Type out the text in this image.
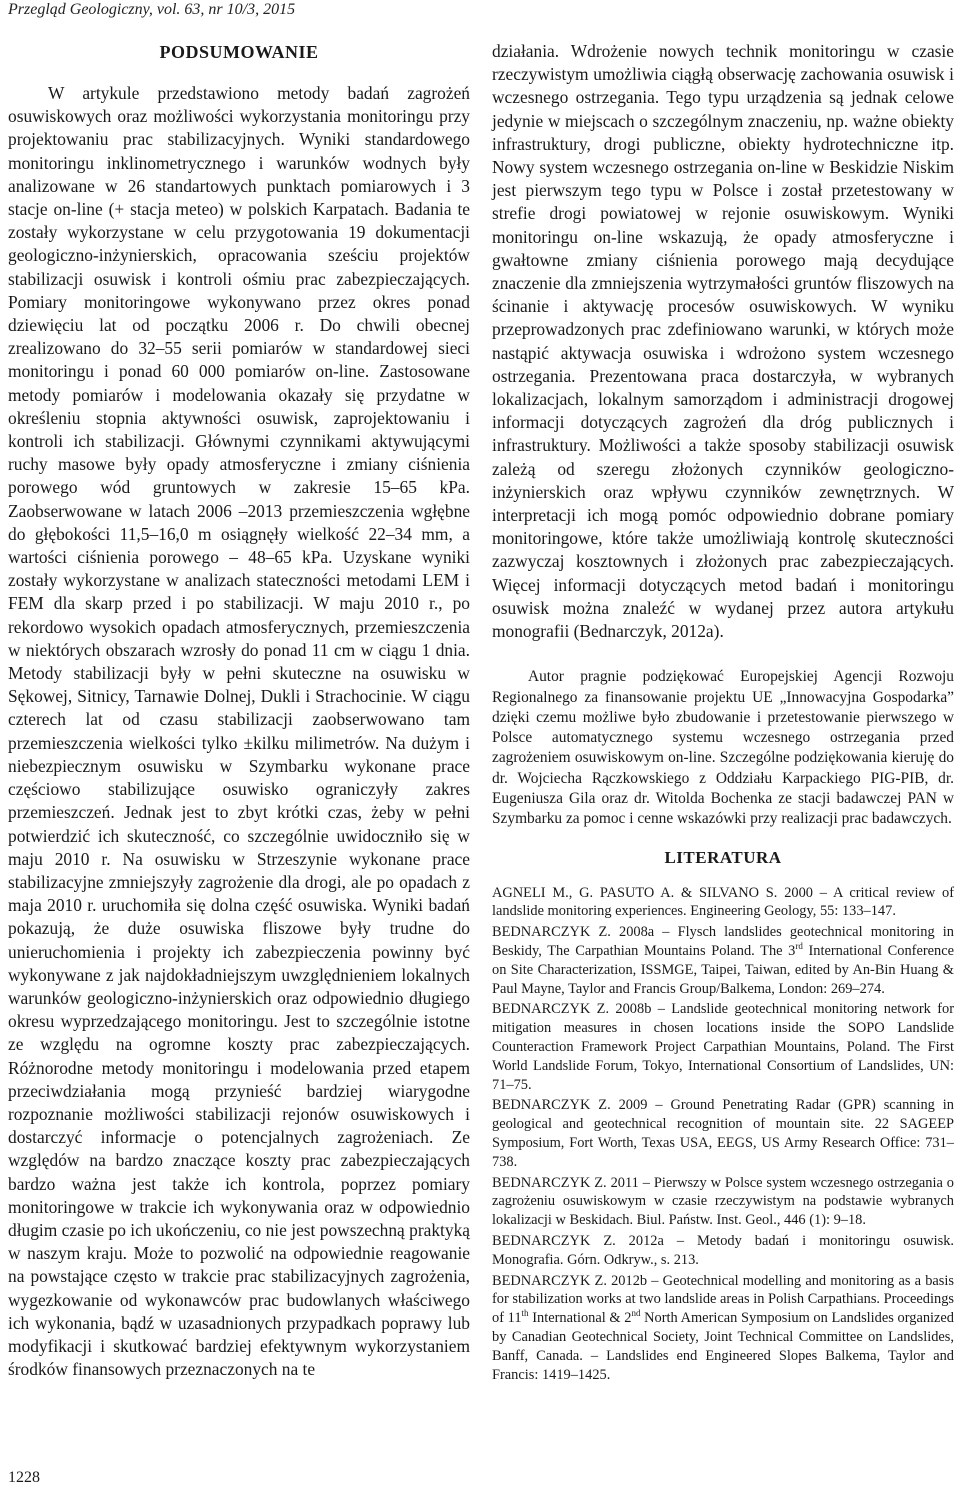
Przegląd Geologiczny, vol. 63, nr 10/3, 2015
PODSUMOWANIE

W artykule przedstawiono metody badań zagrożeń osuwiskowych oraz możliwości wykorzystania monitoringu przy projektowaniu prac stabilizacyjnych. Wyniki standardowego monitoringu inklinometrycznego i warunków wodnych były analizowane w 26 standartowych punktach pomiarowych i 3 stacje on-line (+ stacja meteo) w polskich Karpatach. Badania te zostały wykorzystane w celu przygotowania 19 dokumentacji geologiczno-inżynierskich, opracowania sześciu projektów stabilizacji osuwisk i kontroli ośmiu prac zabezpieczających. Pomiary monitoringowe wykonywano przez okres ponad dziewięciu lat od początku 2006 r. Do chwili obecnej zrealizowano do 32–55 serii pomiarów w standardowej sieci monitoringu i ponad 60 000 pomiarów on-line. Zastosowane metody pomiarów i modelowania okazały się przydatne w określeniu stopnia aktywności osuwisk, zaprojektowaniu i kontroli ich stabilizacji. Głównymi czynnikami aktywującymi ruchy masowe były opady atmosferyczne i zmiany ciśnienia porowego wód gruntowych w zakresie 15–65 kPa. Zaobserwowane w latach 2006 –2013 przemieszczenia wgłębne do głębokości 11,5–16,0 m osiągnęły wielkość 22–34 mm, a wartości ciśnienia porowego – 48–65 kPa. Uzyskane wyniki zostały wykorzystane w analizach stateczności metodami LEM i FEM dla skarp przed i po stabilizacji. W maju 2010 r., po rekordowo wysokich opadach atmosferycznych, przemieszczenia w niektórych obszarach wzrosły do ponad 11 cm w ciągu 1 dnia. Metody stabilizacji były w pełni skuteczne na osuwisku w Sękowej, Sitnicy, Tarnawie Dolnej, Dukli i Strachocinie. W ciągu czterech lat od czasu stabilizacji zaobserwowano tam przemieszczenia wielkości tylko ±kilku milimetrów. Na dużym i niebezpiecznym osuwisku w Szymbarku wykonane prace częściowo stabilizujące osuwisko ograniczyły zakres przemieszczeń. Jednak jest to zbyt krótki czas, żeby w pełni potwierdzić ich skuteczność, co szczególnie uwidoczniło się w maju 2010 r. Na osuwisku w Strzeszynie wykonane prace stabilizacyjne zmniejszyły zagrożenie dla drogi, ale po opadach z maja 2010 r. uruchomiła się dolna część osuwiska. Wyniki badań pokazują, że duże osuwiska fliszowe były trudne do unieruchomienia i projekty ich zabezpieczenia powinny być wykonywane z jak najdokładniejszym uwzględnieniem lokalnych warunków geologiczno-inżynierskich oraz odpowiednio długiego okresu wyprzedzającego monitoringu. Jest to szczególnie istotne ze względu na ogromne koszty prac zabezpieczających. Różnorodne metody monitoringu i modelowania przed etapem przeciwdziałania mogą przynieść bardziej wiarygodne rozpoznanie możliwości stabilizacji rejonów osuwiskowych i dostarczyć informacje o potencjalnych zagrożeniach. Ze względów na bardzo znaczące koszty prac zabezpieczających bardzo ważna jest także ich kontrola, poprzez pomiary monitoringowe w trakcie ich wykonywania oraz w odpowiednio długim czasie po ich ukończeniu, co nie jest powszechną praktyką w naszym kraju. Może to pozwolić na odpowiednie reagowanie na powstające często w trakcie prac stabilizacyjnych zagrożenia, wygezkowanie od wykonawców prac budowlanych właściwego ich wykonania, bądź w uzasadnionych przypadkach poprawy lub modyfikacji i skutkować bardziej efektywnym wykorzystaniem środków finansowych przeznaczonych na te

działania. Wdrożenie nowych technik monitoringu w czasie rzeczywistym umożliwia ciągłą obserwację zachowania osuwisk i wczesnego ostrzegania. Tego typu urządzenia są jednak celowe jedynie w miejscach o szczególnym znaczeniu, np. ważne obiekty infrastruktury, drogi publiczne, obiekty hydrotechniczne itp. Nowy system wczesnego ostrzegania on-line w Beskidzie Niskim jest pierwszym tego typu w Polsce i został przetestowany w strefie drogi powiatowej w rejonie osuwiskowym. Wyniki monitoringu on-line wskazują, że opady atmosferyczne i gwałtowne zmiany ciśnienia porowego mają decydujące znaczenie dla zmniejszenia wytrzymałości gruntów fliszowych na ścinanie i aktywację procesów osuwiskowych. W wyniku przeprowadzonych prac zdefiniowano warunki, w których może nastąpić aktywacja osuwiska i wdrożono system wczesnego ostrzegania. Prezentowana praca dostarczyła, w wybranych lokalizacjach, lokalnym samorządom i administracji drogowej informacji dotyczących zagrożeń dla dróg publicznych i infrastruktury. Możliwości a także sposoby stabilizacji osuwisk zależą od szeregu złożonych czynników geologiczno-inżynierskich oraz wpływu czynników zewnętrznych. W interpretacji ich mogą pomóc odpowiednio dobrane pomiary monitoringowe, które także umożliwiają kontrolę skuteczności zazwyczaj kosztownych i złożonych prac zabezpieczających. Więcej informacji dotyczących metod badań i monitoringu osuwisk można znaleźć w wydanej przez autora artykułu monografii (Bednarczyk, 2012a).

Autor pragnie podziękować Europejskiej Agencji Rozwoju Regionalnego za finansowanie projektu UE „Innowacyjna Gospodarka” dzięki czemu możliwe było zbudowanie i przetestowanie pierwszego w Polsce automatycznego systemu wczesnego ostrzegania przed zagrożeniem osuwiskowym on-line. Szczególne podziękowania kieruję do dr. Wojciecha Rączkowskiego z Oddziału Karpackiego PIG-PIB, dr. Eugeniusza Gila oraz dr. Witolda Bochenka ze stacji badawczej PAN w Szymbarku za pomoc i cenne wskazówki przy realizacji prac badawczych.

LITERATURA

AGNELI M., G. PASUTO A. & SILVANO S. 2000 – A critical review of landslide monitoring experiences. Engineering Geology, 55: 133–147.

BEDNARCZYK Z. 2008a – Flysch landslides geotechnical monitoring in Beskidy, The Carpathian Mountains Poland. The 3rd International Conference on Site Characterization, ISSMGE, Taipei, Taiwan, edited by An-Bin Huang & Paul Mayne, Taylor and Francis Group/Balkema, London: 269–274.

BEDNARCZYK Z. 2008b – Landslide geotechnical monitoring network for mitigation measures in chosen locations inside the SOPO Landslide Counteraction Framework Project Carpathian Mountains, Poland. The First World Landslide Forum, Tokyo, International Consortium of Landslides, UN: 71–75.

BEDNARCZYK Z. 2009 – Ground Penetrating Radar (GPR) scanning in geological and geotechnical recognition of mountain site. 22 SAGEEP Symposium, Fort Worth, Texas USA, EEGS, US Army Research Office: 731–738.

BEDNARCZYK Z. 2011 – Pierwszy w Polsce system wczesnego ostrzegania o zagrożeniu osuwiskowym w czasie rzeczywistym na podstawie wybranych lokalizacji w Beskidach. Biul. Państw. Inst. Geol., 446 (1): 9–18.

BEDNARCZYK Z. 2012a – Metody badań i monitoringu osuwisk. Monografia. Górn. Odkryw., s. 213.

BEDNARCZYK Z. 2012b – Geotechnical modelling and monitoring as a basis for stabilization works at two landslide areas in Polish Carpathians. Proceedings of 11th International & 2nd North American Symposium on Landslides organized by Canadian Geotechnical Society, Joint Technical Committee on Landslides, Banff, Canada. – Landslides end Engineered Slopes Balkema, Taylor and Francis: 1419–1425.

1228
